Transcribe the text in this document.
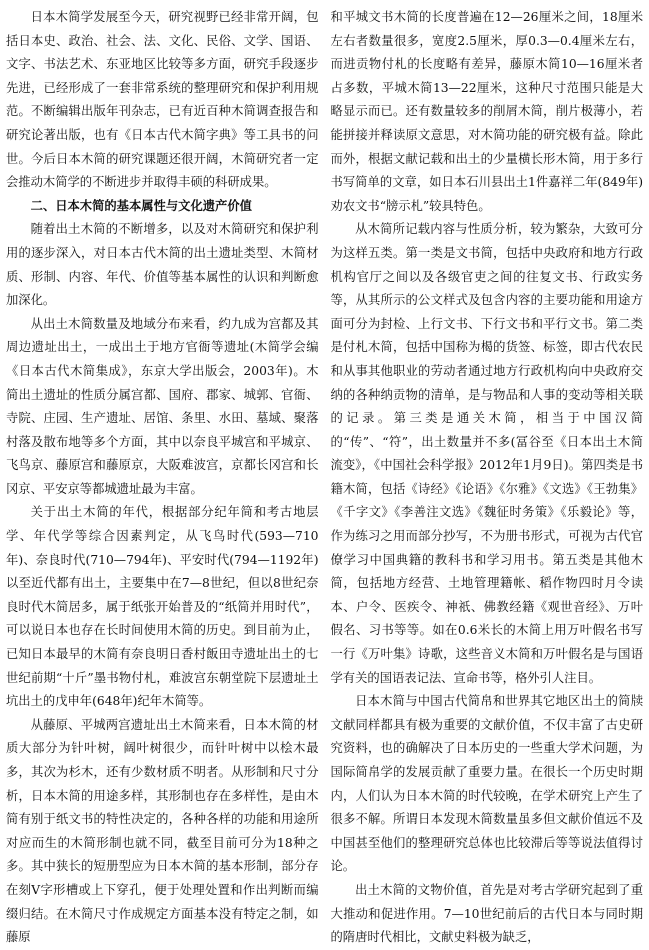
日本木简学发展至今天，研究视野已经非常开阔，包括日本史、政治、社会、法、文化、民俗、文学、国语、文字、书法艺术、东亚地区比较等多方面，研究手段逐步先进，已经形成了一套非常系统的整理研究和保护利用规范。不断编辑出版年刊杂志，已有近百种木简调查报告和研究论著出版，也有《日本古代木简字典》等工具书的问世。今后日本木简的研究课题还很开阔，木简研究者一定会推动木简学的不断进步并取得丰硕的科研成果。

二、日本木简的基本属性与文化遗产价值

随着出土木简的不断增多，以及对木简研究和保护利用的逐步深入，对日本古代木简的出土遗址类型、木简材质、形制、内容、年代、价值等基本属性的认识和判断愈加深化。

从出土木简数量及地域分布来看，约九成为宫都及其周边遗址出土，一成出土于地方官衙等遗址(木简学会编《日本古代木简集成》，东京大学出版会，2003年)。木简出土遗址的性质分属宫都、国府、郡家、城郭、官衙、寺院、庄园、生产遗址、居馆、条里、水田、墓域、聚落村落及散布地等多个方面，其中以奈良平城宫和平城京、飞鸟京、藤原宫和藤原京，大阪难波宫，京都长冈宫和长冈京、平安京等都城遗址最为丰富。

关于出土木简的年代，根据部分纪年简和考古地层学、年代学等综合因素判定，从飞鸟时代(593—710年)、奈良时代(710—794年)、平安时代(794—1192年)以至近代都有出土，主要集中在7—8世纪，但以8世纪奈良时代木简居多，属于纸张开始普及的“纸简并用时代”，可以说日本也存在长时间使用木简的历史。到目前为止，已知日本最早的木简有奈良明日香村飯田寺遗址出土的七世纪前期“十斤”墨书物付札，难波宫东朝堂院下层遗址土坑出土的戊申年(648年)纪年木简等。

从藤原、平城两宫遗址出土木简来看，日本木简的材质大部分为针叶树，阔叶树很少，而针叶树中以桧木最多，其次为杉木，还有少数材质不明者。从形制和尺寸分析，日本木简的用途多样，其形制也存在多样性，是由木简有别于纸文书的特性决定的，各种各样的功能和用途所对应而生的木简形制也就不同，截至目前可分为18种之多。其中狭长的短册型应为日本木简的基本形制，部分存在刻V字形槽或上下穿孔，便于处理处置和作出判断而编缀归结。在木简尺寸作成规定方面基本没有特定之制，如藤原

和平城文书木简的长度普遍在12—26厘米之间，18厘米左右者数量很多，宽度2.5厘米，厚0.3—0.4厘米左右，而进贡物付札的长度略有差异，藤原木简10—16厘米者占多数，平城木简13—22厘米，这种尺寸范围只能是大略显示而已。还有数量较多的削屑木简，削片极薄小，若能拼接并释读原文意思，对木简功能的研究极有益。除此而外，根据文献记载和出土的少量横长形木简，用于多行书写简单的文章，如日本石川县出土1件嘉祥二年(849年)劝农文书“牓示札”较具特色。

从木简所记载内容与性质分析，较为繁杂，大致可分为这样五类。第一类是文书简，包括中央政府和地方行政机构官厅之间以及各级官吏之间的往复文书、行政实务等，从其所示的公文样式及包含内容的主要功能和用途方面可分为封检、上行文书、下行文书和平行文书。第二类是付札木简，包括中国称为楬的货签、标签，即古代农民和从事其他职业的劳动者通过地方行政机构向中央政府交纳的各种纳贡物的清单，是与物品和人事的变动等相关联的记录。第三类是通关木简，相当于中国汉简的“传”、“符”，出土数量并不多(冨谷至《日本出土木简流变》，《中国社会科学报》2012年1月9日)。第四类是书籍木简，包括《诗经》《论语》《尔雅》《文选》《王勃集》《千字文》《李善注文选》《魏征时务策》《乐毅论》等，作为练习之用而部分抄写，不为册书形式，可视为古代官僚学习中国典籍的教科书和学习用书。第五类是其他木简，包括地方经营、土地管理籍帐、稻作物四时月令读本、户令、医疾令、神祇、佛教经籍《观世音经》、万叶假名、习书等等。如在0.6米长的木简上用万叶假名书写一行《万叶集》诗歌，这些音义木简和万叶假名是与国语学有关的国语表记法、宣命书等，格外引人注目。

日本木简与中国古代简帛和世界其它地区出土的简牍文献同样都具有极为重要的文献价值，不仅丰富了古史研究资料，也的确解决了日本历史的一些重大学术问题，为国际简帛学的发展贡献了重要力量。在很长一个历史时期内，人们认为日本木简的时代较晚，在学术研究上产生了很多不解。所谓日本发现木简数量虽多但文献价值远不及中国甚至他们的整理研究总体也比较滞后等等说法值得讨论。

出土木简的文物价值，首先是对考古学研究起到了重大推动和促进作用。7—10世纪前后的古代日本与同时期的隋唐时代相比，文献史料极为缺乏，
